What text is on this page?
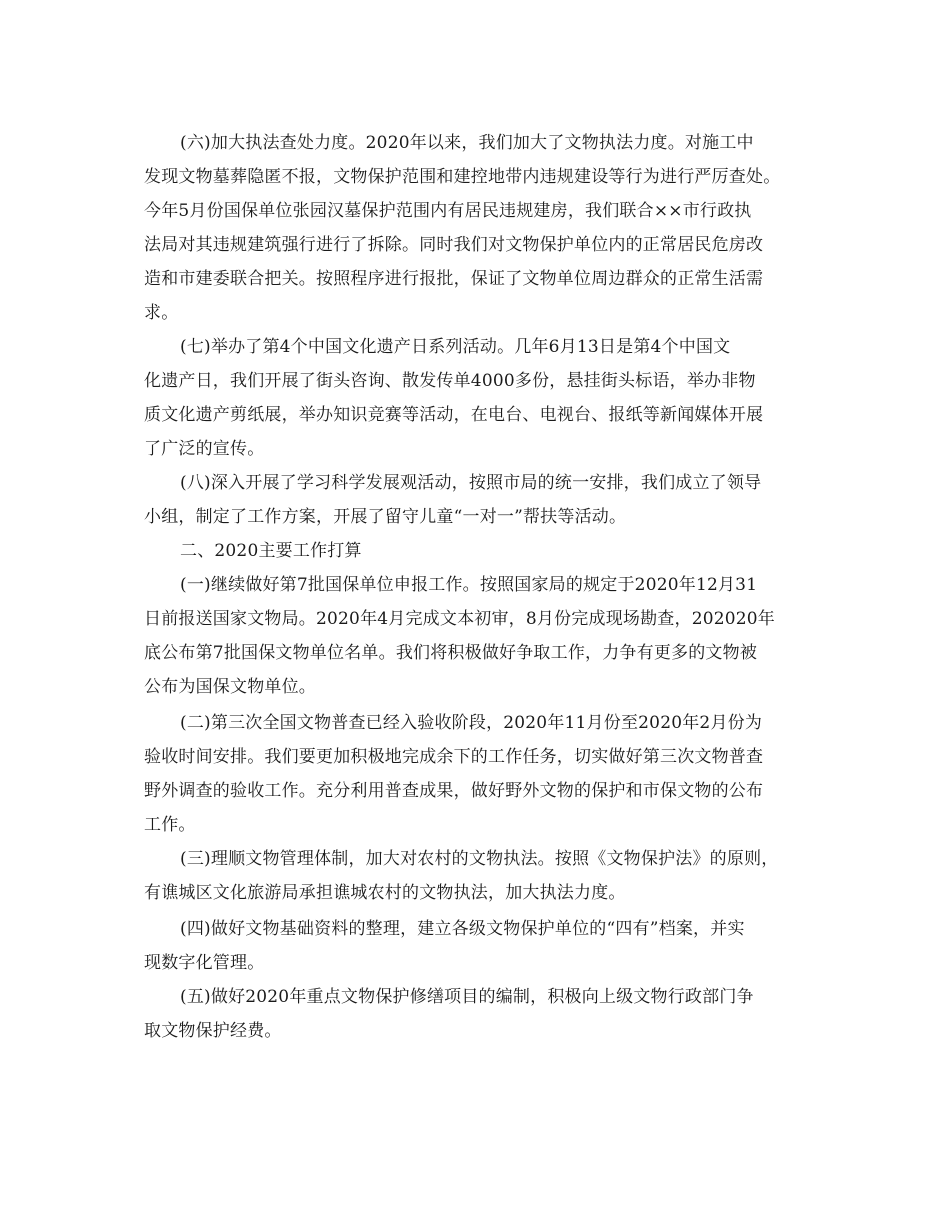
(六)加大执法查处力度。2020年以来，我们加大了文物执法力度。对施工中
发现文物墓葬隐匿不报，文物保护范围和建控地带内违规建设等行为进行严厉查处。
今年5月份国保单位张园汉墓保护范围内有居民违规建房，我们联合××市行政执
法局对其违规建筑强行进行了拆除。同时我们对文物保护单位内的正常居民危房改
造和市建委联合把关。按照程序进行报批，保证了文物单位周边群众的正常生活需
求。
(七)举办了第4个中国文化遗产日系列活动。几年6月13日是第4个中国文
化遗产日，我们开展了街头咨询、散发传单4000多份，悬挂街头标语，举办非物
质文化遗产剪纸展，举办知识竞赛等活动，在电台、电视台、报纸等新闻媒体开展
了广泛的宣传。
(八)深入开展了学习科学发展观活动，按照市局的统一安排，我们成立了领导
小组，制定了工作方案，开展了留守儿童“一对一”帮扶等活动。
二、2020主要工作打算
(一)继续做好第7批国保单位申报工作。按照国家局的规定于2020年12月31
日前报送国家文物局。2020年4月完成文本初审，8月份完成现场勘查，202020年
底公布第7批国保文物单位名单。我们将积极做好争取工作，力争有更多的文物被
公布为国保文物单位。
(二)第三次全国文物普查已经入验收阶段，2020年11月份至2020年2月份为
验收时间安排。我们要更加积极地完成余下的工作任务，切实做好第三次文物普查
野外调查的验收工作。充分利用普查成果，做好野外文物的保护和市保文物的公布
工作。
(三)理顺文物管理体制，加大对农村的文物执法。按照《文物保护法》的原则，
有谯城区文化旅游局承担谯城农村的文物执法，加大执法力度。
(四)做好文物基础资料的整理，建立各级文物保护单位的“四有”档案，并实
现数字化管理。
(五)做好2020年重点文物保护修缮项目的编制，积极向上级文物行政部门争
取文物保护经费。
